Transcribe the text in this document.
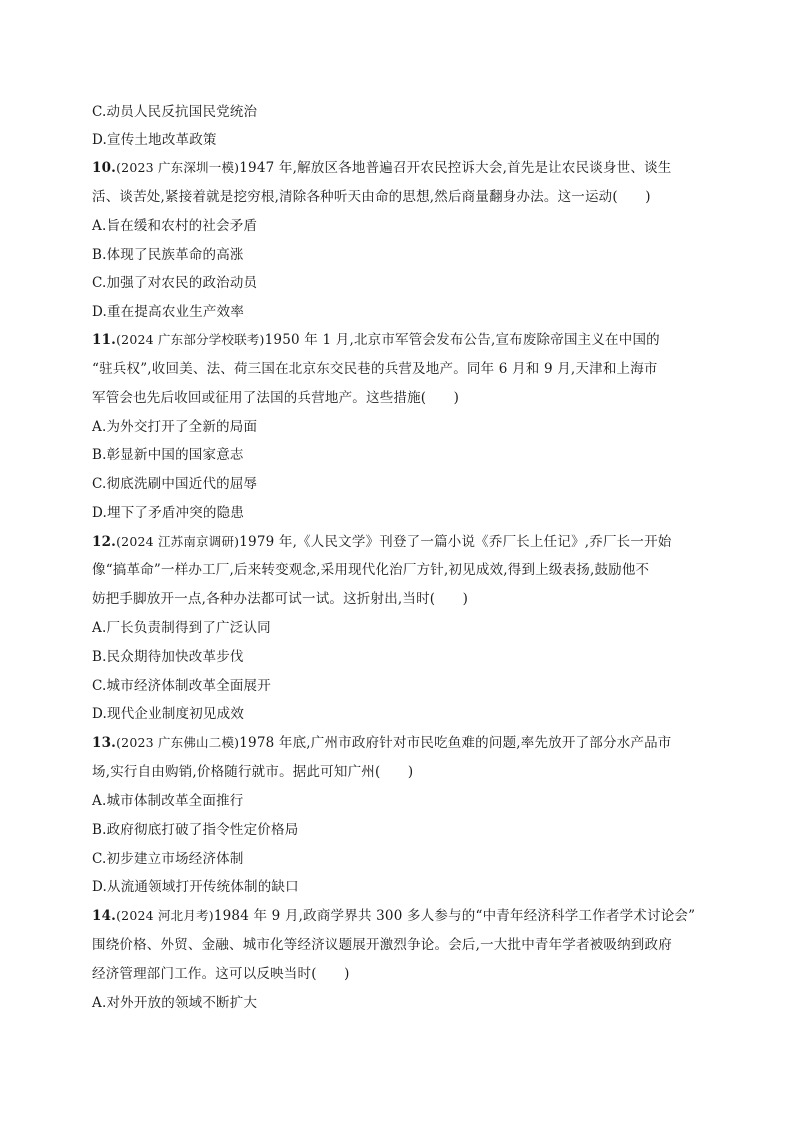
C.动员人民反抗国民党统治
D.宣传土地改革政策
10.(2023 广东深圳一模)1947 年,解放区各地普遍召开农民控诉大会,首先是让农民谈身世、谈生
活、谈苦处,紧接着就是挖穷根,清除各种听天由命的思想,然后商量翻身办法。这一运动(　　)
A.旨在缓和农村的社会矛盾
B.体现了民族革命的高涨
C.加强了对农民的政治动员
D.重在提高农业生产效率
11.(2024 广东部分学校联考)1950 年 1 月,北京市军管会发布公告,宣布废除帝国主义在中国的
“驻兵权”,收回美、法、荷三国在北京东交民巷的兵营及地产。同年 6 月和 9 月,天津和上海市
军管会也先后收回或征用了法国的兵营地产。这些措施(　　)
A.为外交打开了全新的局面
B.彰显新中国的国家意志
C.彻底洗刷中国近代的屈辱
D.埋下了矛盾冲突的隐患
12.(2024 江苏南京调研)1979 年,《人民文学》刊登了一篇小说《乔厂长上任记》,乔厂长一开始
像“搞革命”一样办工厂,后来转变观念,采用现代化治厂方针,初见成效,得到上级表扬,鼓励他不
妨把手脚放开一点,各种办法都可试一试。这折射出,当时(　　)
A.厂长负责制得到了广泛认同
B.民众期待加快改革步伐
C.城市经济体制改革全面展开
D.现代企业制度初见成效
13.(2023 广东佛山二模)1978 年底,广州市政府针对市民吃鱼难的问题,率先放开了部分水产品市
场,实行自由购销,价格随行就市。据此可知广州(　　)
A.城市体制改革全面推行
B.政府彻底打破了指令性定价格局
C.初步建立市场经济体制
D.从流通领域打开传统体制的缺口
14.(2024 河北月考)1984 年 9 月,政商学界共 300 多人参与的“中青年经济科学工作者学术讨论会”
围绕价格、外贸、金融、城市化等经济议题展开激烈争论。会后,一大批中青年学者被吸纳到政府
经济管理部门工作。这可以反映当时(　　)
A.对外开放的领域不断扩大
